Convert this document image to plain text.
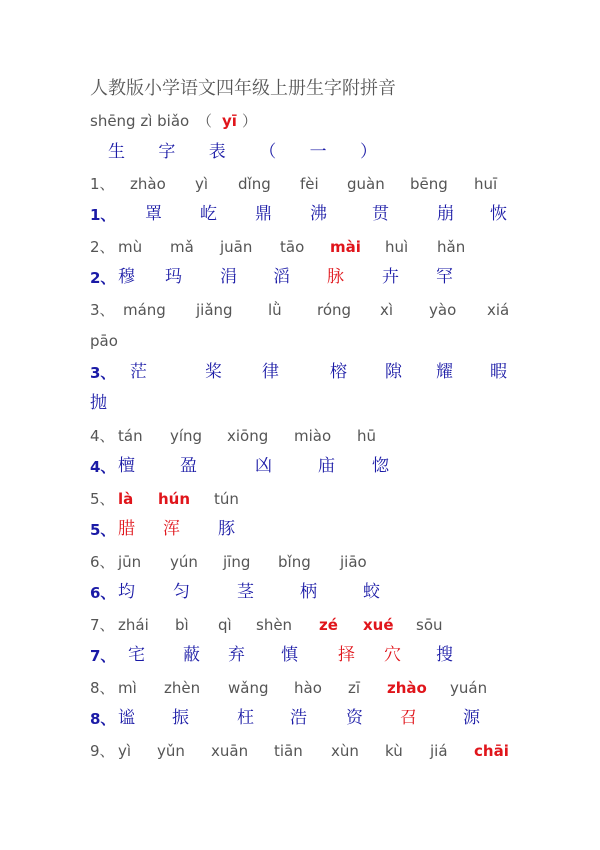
人教版小学语文四年级上册生字附拼音
shēng zì biǎo （ yī ）
生 字 表 （ 一 ）
1、 zhào yì dǐng fèi guàn bēng huī
1、 罩 屹 鼎 沸	贯	崩 恢
2、 mù mǎ juān tāo mài huì hǎn
2、 穆 玛 涓 滔 脉 卉 罕
3、 máng jiǎng lǜ róng xì yào xiá
pāo
3、 茫	桨 律	榕 隙 耀 暇
抛
4、 tán yíng xiōng miào hū
4、 檀	盈	凶	庙 惚
5、 là hún tún
5、 腊 浑 豚
6、 jūn yún jīng bǐng jiāo
6、 均 匀	茎	柄	蛟
7、 zhái bì qì shèn zé xué sōu
7、 宅 蔽 弃 慎 择 穴 搜
8、 mì zhèn wǎng hào zī zhào yuán
8、 谧 振	枉 浩 资 召	源
9、 yì yǔn xuān tiān xùn kù jiá chāi
